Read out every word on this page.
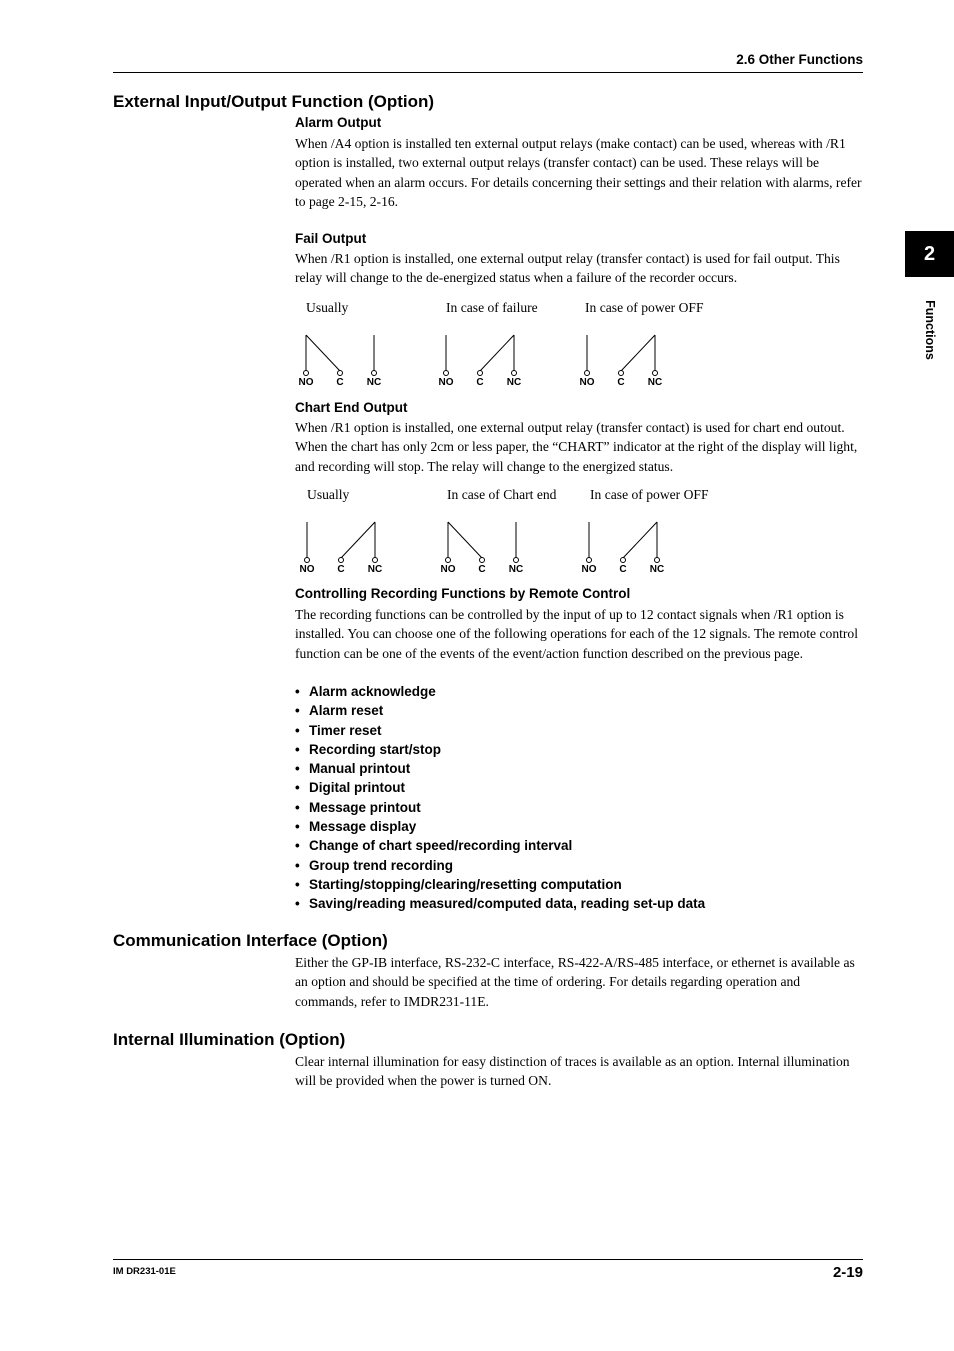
2.6 Other Functions
2
Functions
External Input/Output Function (Option)
Alarm Output

When /A4 option is installed ten external output relays (make contact) can be used, whereas with /R1 option is installed, two external output relays (transfer contact) can be used. These relays will be operated when an alarm occurs. For details concerning their settings and their relation with alarms, refer to page 2-15, 2-16.

Fail Output

When /R1 option is installed, one external output relay (transfer contact) is used for fail output. This relay will change to the de-energized status when a failure of the recorder occurs.

Usually	In case of failure	In case of power OFF
NO C NC	NO C NC	NO C NC
Chart End Output

When /R1 option is installed, one external output relay (transfer contact) is used for chart end outout. When the chart has only 2cm or less paper, the “CHART” indicator at the right of the display will light, and recording will stop. The relay will change to the energized status.

Usually	In case of Chart end In case of power OFF
NO C NC	NO C NC	NO C NC
Controlling Recording Functions by Remote Control

The recording functions can be controlled by the input of up to 12 contact signals when /R1 option is installed. You can choose one of the following operations for each of the 12 signals. The remote control function can be one of the events of the event/action function described on the previous page.

• Alarm acknowledge
• Alarm reset
• Timer reset
• Recording start/stop
• Manual printout
• Digital printout
• Message printout
• Message display
• Change of chart speed/recording interval
• Group trend recording
• Starting/stopping/clearing/resetting computation
• Saving/reading measured/computed data, reading set-up data
Communication Interface (Option)

Either the GP-IB interface, RS-232-C interface, RS-422-A/RS-485 interface, or ethernet is available as an option and should be specified at the time of ordering. For details regarding operation and commands, refer to IMDR231-11E.

Internal Illumination (Option)

Clear internal illumination for easy distinction of traces is available as an option. Internal illumination will be provided when the power is turned ON.

IM DR231-01E	2-19
